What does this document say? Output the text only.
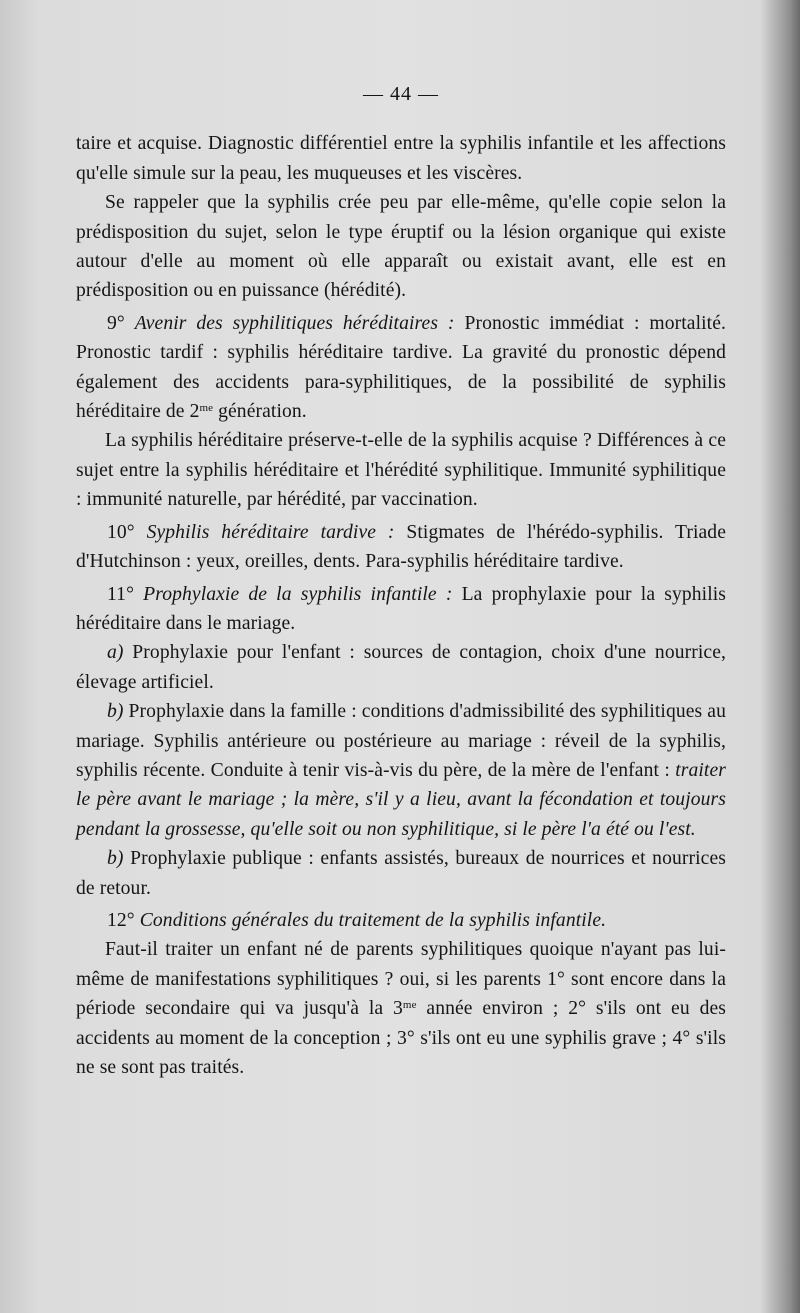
— 44 —

taire et acquise. Diagnostic différentiel entre la syphilis infantile et les affections qu'elle simule sur la peau, les muqueuses et les viscères.

Se rappeler que la syphilis crée peu par elle-même, qu'elle copie selon la prédisposition du sujet, selon le type éruptif ou la lésion organique qui existe autour d'elle au moment où elle apparaît ou existait avant, elle est en prédisposition ou en puissance (hérédité).

9° Avenir des syphilitiques héréditaires : Pronostic immédiat : mortalité. Pronostic tardif : syphilis héréditaire tardive. La gravité du pronostic dépend également des accidents para-syphilitiques, de la possibilité de syphilis héréditaire de $2^{me}$ génération.

La syphilis héréditaire préserve-t-elle de la syphilis acquise ? Différences à ce sujet entre la syphilis héréditaire et l'hérédité syphilitique. Immunité syphilitique : immunité naturelle, par hérédité, par vaccination.

10° Syphilis héréditaire tardive : Stigmates de l'hérédo-syphilis. Triade d'Hutchinson : yeux, oreilles, dents. Para-syphilis héréditaire tardive.

11° Prophylaxie de la syphilis infantile : La prophylaxie pour la syphilis héréditaire dans le mariage.

a) Prophylaxie pour l'enfant : sources de contagion, choix d'une nourrice, élevage artificiel.

b) Prophylaxie dans la famille : conditions d'admissibilité des syphilitiques au mariage. Syphilis antérieure ou postérieure au mariage : réveil de la syphilis, syphilis récente. Conduite à tenir vis-à-vis du père, de la mère de l'enfant : traiter le père avant le mariage ; la mère, s'il y a lieu, avant la fécondation et toujours pendant la grossesse, qu'elle soit ou non syphilitique, si le père l'a été ou l'est.

b) Prophylaxie publique : enfants assistés, bureaux de nourrices et nourrices de retour.

12° Conditions générales du traitement de la syphilis infantile.

Faut-il traiter un enfant né de parents syphilitiques quoique n'ayant pas lui-même de manifestations syphilitiques ? oui, si les parents 1° sont encore dans la période secondaire qui va jusqu'à la $3^{me}$ année environ ; 2° s'ils ont eu des accidents au moment de la conception ; 3° s'ils ont eu une syphilis grave ; 4° s'ils ne se sont pas traités.
